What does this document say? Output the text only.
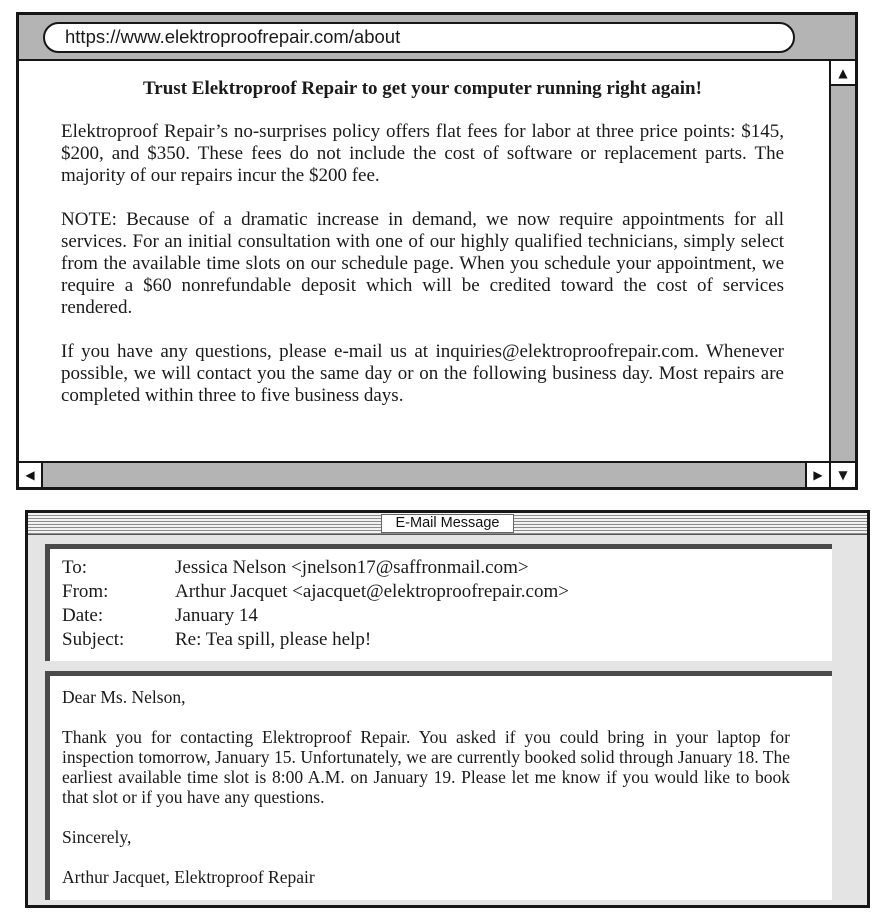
https://www.elektroproofrepair.com/about
Trust Elektroproof Repair to get your computer running right again!

Elektroproof Repair’s no-surprises policy offers flat fees for labor at three price points: $145, $200, and $350. These fees do not include the cost of software or replacement parts. The majority of our repairs incur the $200 fee.

NOTE: Because of a dramatic increase in demand, we now require appointments for all services. For an initial consultation with one of our highly qualified technicians, simply select from the available time slots on our schedule page. When you schedule your appointment, we require a $60 nonrefundable deposit which will be credited toward the cost of services rendered.

If you have any questions, please e-mail us at inquiries@elektroproofrepair.com. Whenever possible, we will contact you the same day or on the following business day. Most repairs are completed within three to five business days.

▲
◀	▶ ▼
E-Mail Message
To:	Jessica Nelson <jnelson17@saffronmail.com>
From:	Arthur Jacquet <ajacquet@elektroproofrepair.com>
Date:	January 14
Subject:	Re: Tea spill, please help!

Dear Ms. Nelson,

Thank you for contacting Elektroproof Repair. You asked if you could bring in your laptop for inspection tomorrow, January 15. Unfortunately, we are currently booked solid through January 18. The earliest available time slot is 8:00 A.M. on January 19. Please let me know if you would like to book that slot or if you have any questions.

Sincerely,

Arthur Jacquet, Elektroproof Repair
